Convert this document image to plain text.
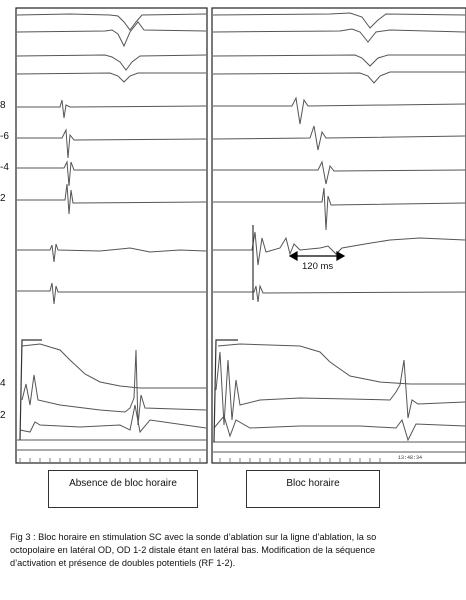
8
-6
-4
2
4
2
120 ms
13:48:34
Absence de bloc horaire	Bloc horaire

Fig 3 : Bloc horaire en stimulation SC avec la sonde d’ablation sur la ligne d’ablation, la so

octopolaire en latéral OD, OD 1-2 distale étant en latéral bas. Modification de la séquence

d’activation et présence de doubles potentiels (RF 1-2).
